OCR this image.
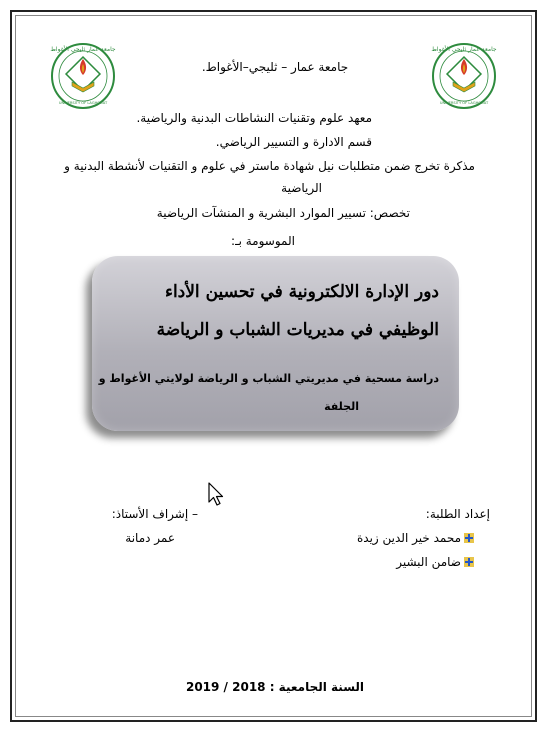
جامعة عمار ثليجي الأغواط
UNIVERSITY OF LAGHOUAT
جامعة عمار ثليجي الأغواط
UNIVERSITY OF LAGHOUAT
جامعة عمار – ثليجي–الأغواط.
معهد علوم وتقنيات النشاطات البدنية والرياضية.
قسم الادارة و التسيير الرياضي.
مذكرة تخرج ضمن متطلبات نيل شهادة ماستر في علوم و التقنيات لأنشطة البدنية و
الرياضية
تخصص: تسيير الموارد البشرية و المنشآت الرياضية
الموسومة بـ:
دور الإدارة الالكترونية في تحسين الأداء
الوظيفي في مديريات الشباب و الرياضة
دراسة مسحية في مديريتي الشباب و الرياضة لولايتي الأغواط و
الجلفة
إعداد الطلبة:
محمد خير الدين زيدة
ضامن البشير
– إشراف الأستاذ:
عمر دمانة
السنة الجامعية : 2018 / 2019
